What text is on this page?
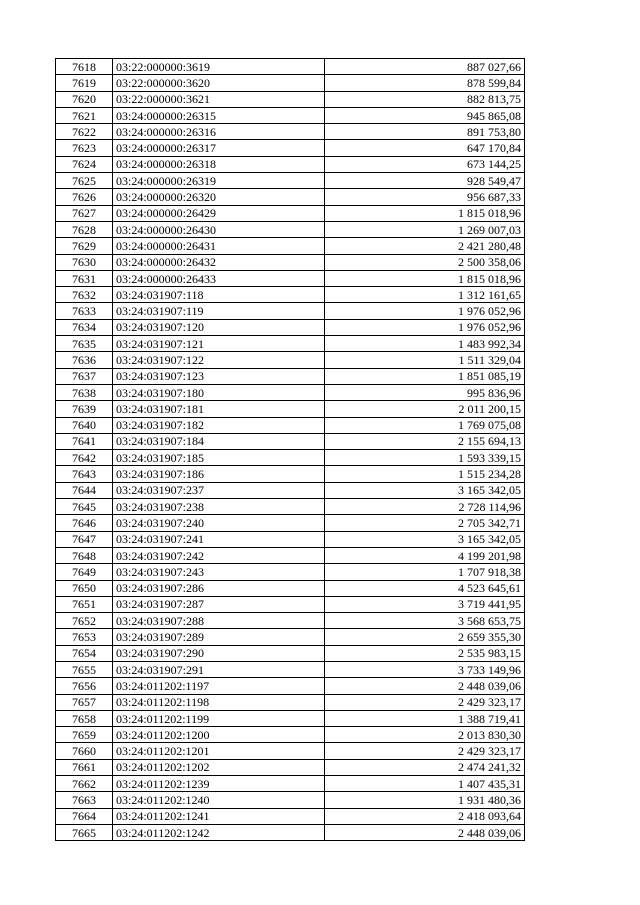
7618	03:22:000000:3619	887 027,66
7619	03:22:000000:3620	878 599,84
7620	03:22:000000:3621	882 813,75
7621	03:24:000000:26315	945 865,08
7622	03:24:000000:26316	891 753,80
7623	03:24:000000:26317	647 170,84
7624	03:24:000000:26318	673 144,25
7625	03:24:000000:26319	928 549,47
7626	03:24:000000:26320	956 687,33
7627	03:24:000000:26429	1 815 018,96
7628	03:24:000000:26430	1 269 007,03
7629	03:24:000000:26431	2 421 280,48
7630	03:24:000000:26432	2 500 358,06
7631	03:24:000000:26433	1 815 018,96
7632	03:24:031907:118	1 312 161,65
7633	03:24:031907:119	1 976 052,96
7634	03:24:031907:120	1 976 052,96
7635	03:24:031907:121	1 483 992,34
7636	03:24:031907:122	1 511 329,04
7637	03:24:031907:123	1 851 085,19
7638	03:24:031907:180	995 836,96
7639	03:24:031907:181	2 011 200,15
7640	03:24:031907:182	1 769 075,08
7641	03:24:031907:184	2 155 694,13
7642	03:24:031907:185	1 593 339,15
7643	03:24:031907:186	1 515 234,28
7644	03:24:031907:237	3 165 342,05
7645	03:24:031907:238	2 728 114,96
7646	03:24:031907:240	2 705 342,71
7647	03:24:031907:241	3 165 342,05
7648	03:24:031907:242	4 199 201,98
7649	03:24:031907:243	1 707 918,38
7650	03:24:031907:286	4 523 645,61
7651	03:24:031907:287	3 719 441,95
7652	03:24:031907:288	3 568 653,75
7653	03:24:031907:289	2 659 355,30
7654	03:24:031907:290	2 535 983,15
7655	03:24:031907:291	3 733 149,96
7656	03:24:011202:1197	2 448 039,06
7657	03:24:011202:1198	2 429 323,17
7658	03:24:011202:1199	1 388 719,41
7659	03:24:011202:1200	2 013 830,30
7660	03:24:011202:1201	2 429 323,17
7661	03:24:011202:1202	2 474 241,32
7662	03:24:011202:1239	1 407 435,31
7663	03:24:011202:1240	1 931 480,36
7664	03:24:011202:1241	2 418 093,64
7665	03:24:011202:1242	2 448 039,06
